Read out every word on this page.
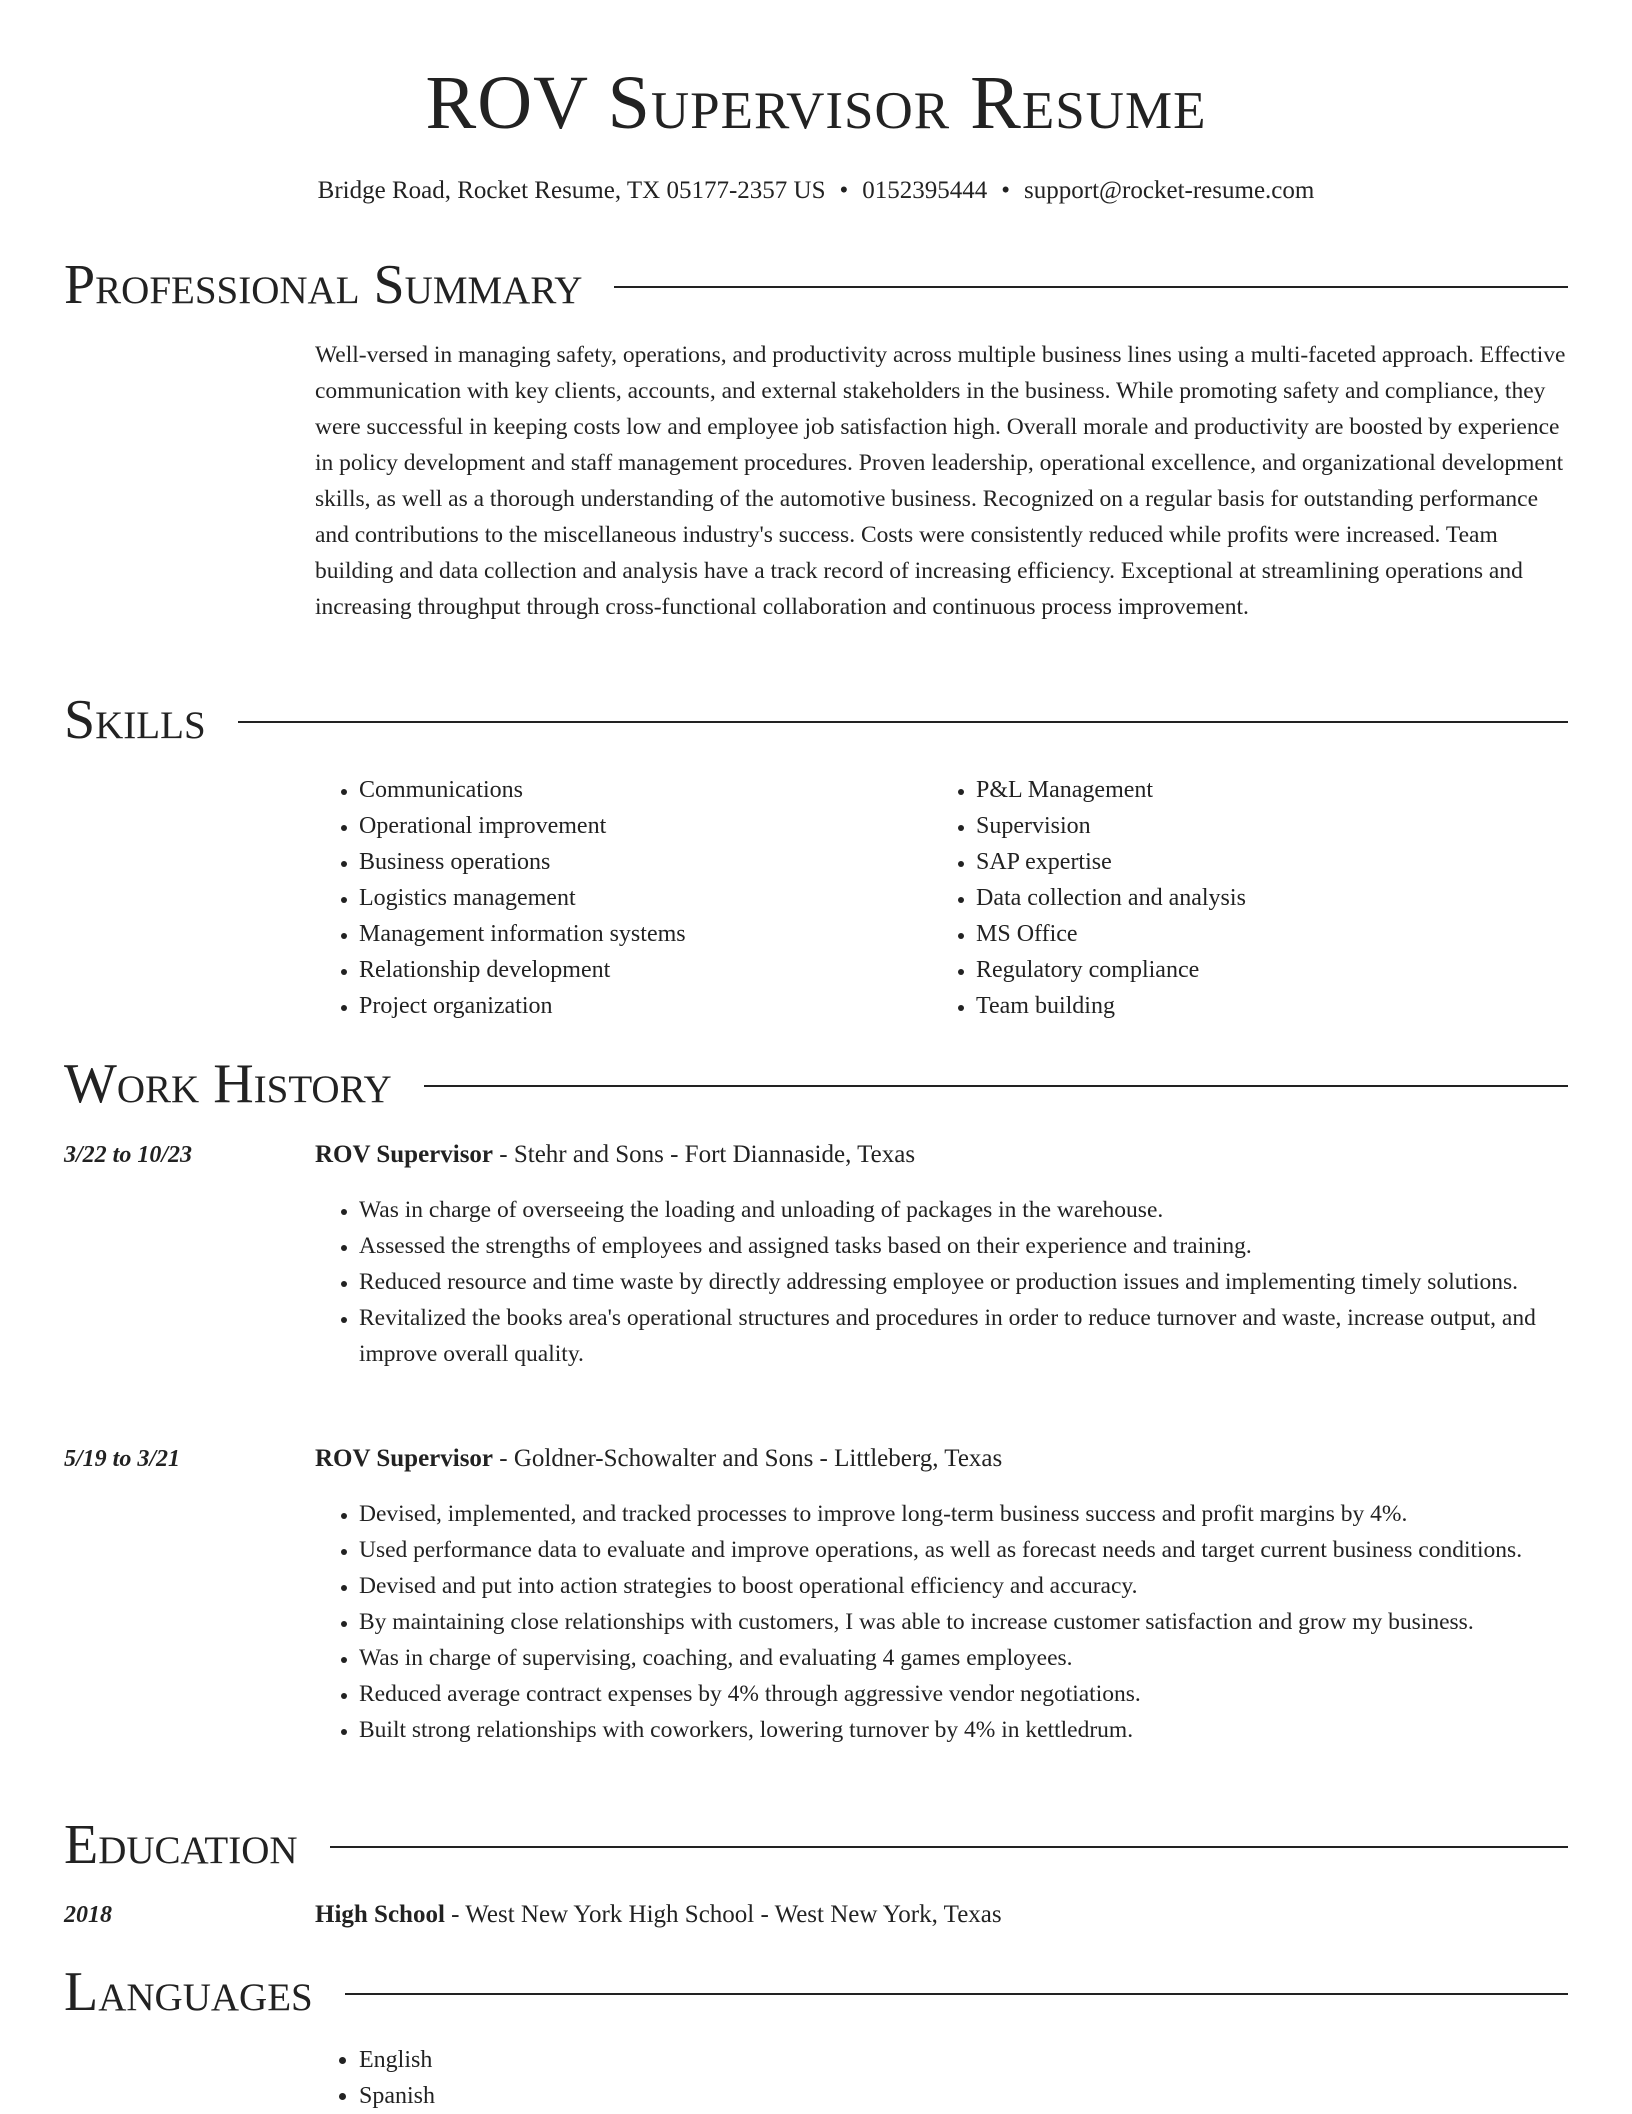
ROV Supervisor Resume
Bridge Road, Rocket Resume, TX 05177-2357 US • 0152395444 • support@rocket-resume.com
Professional Summary
Well-versed in managing safety, operations, and productivity across multiple business lines using a multi-faceted approach. Effective communication with key clients, accounts, and external stakeholders in the business. While promoting safety and compliance, they were successful in keeping costs low and employee job satisfaction high. Overall morale and productivity are boosted by experience in policy development and staff management procedures. Proven leadership, operational excellence, and organizational development skills, as well as a thorough understanding of the automotive business. Recognized on a regular basis for outstanding performance and contributions to the miscellaneous industry's success. Costs were consistently reduced while profits were increased. Team building and data collection and analysis have a track record of increasing efficiency. Exceptional at streamlining operations and increasing throughput through cross-functional collaboration and continuous process improvement.
Skills
• Communications
• Operational improvement
• Business operations
• Logistics management
• Management information systems
• Relationship development
• Project organization
• P&L Management
• Supervision
• SAP expertise
• Data collection and analysis
• MS Office
• Regulatory compliance
• Team building
Work History
3/22 to 10/23	ROV Supervisor - Stehr and Sons - Fort Diannaside, Texas
• Was in charge of overseeing the loading and unloading of packages in the warehouse.
• Assessed the strengths of employees and assigned tasks based on their experience and training.
• Reduced resource and time waste by directly addressing employee or production issues and implementing timely solutions.
• Revitalized the books area's operational structures and procedures in order to reduce turnover and waste, increase output, and improve overall quality.
5/19 to 3/21	ROV Supervisor - Goldner-Schowalter and Sons - Littleberg, Texas
• Devised, implemented, and tracked processes to improve long-term business success and profit margins by 4%.
• Used performance data to evaluate and improve operations, as well as forecast needs and target current business conditions.
• Devised and put into action strategies to boost operational efficiency and accuracy.
• By maintaining close relationships with customers, I was able to increase customer satisfaction and grow my business.
• Was in charge of supervising, coaching, and evaluating 4 games employees.
• Reduced average contract expenses by 4% through aggressive vendor negotiations.
• Built strong relationships with coworkers, lowering turnover by 4% in kettledrum.
Education
2018	High School - West New York High School - West New York, Texas
Languages
• English
• Spanish
